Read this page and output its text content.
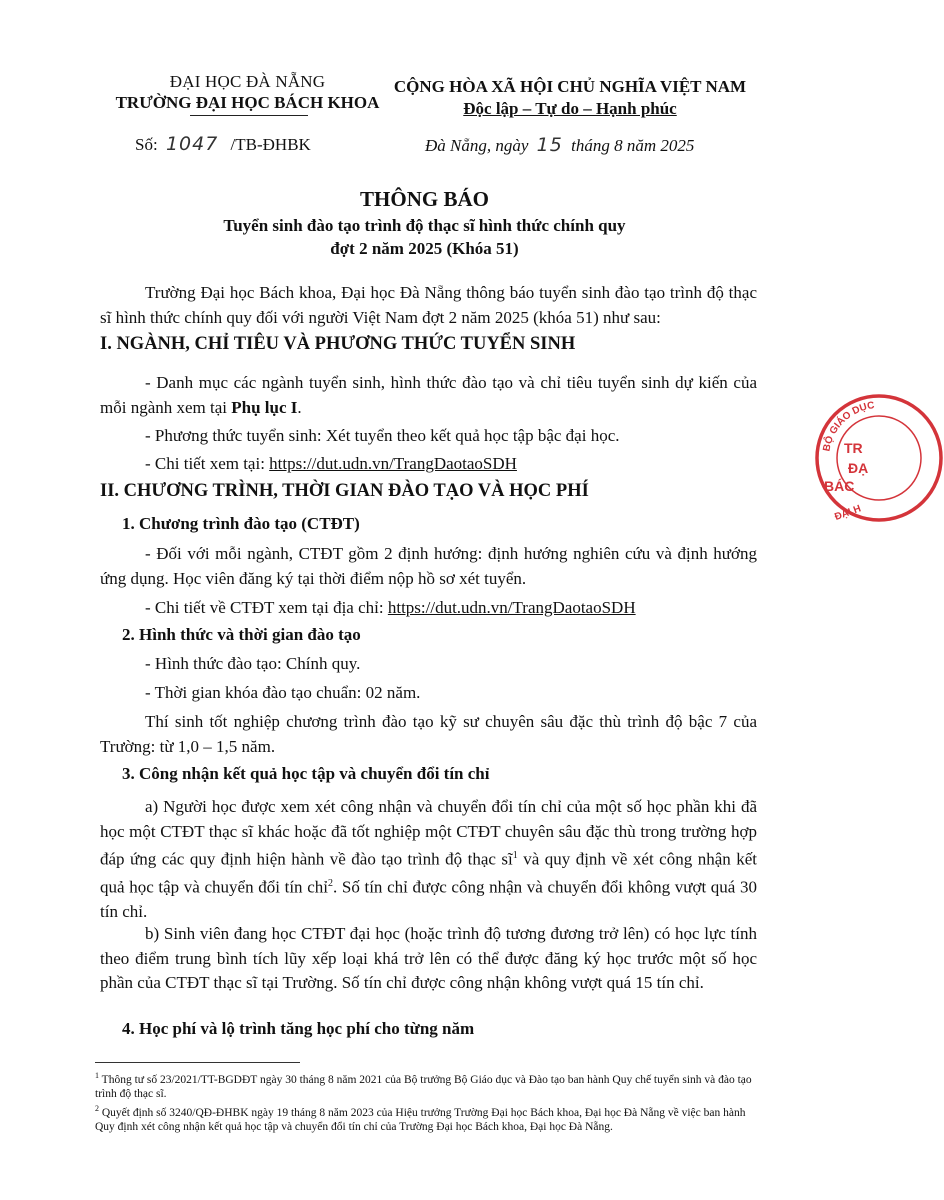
ĐẠI HỌC ĐÀ NẴNG
TRƯỜNG ĐẠI HỌC BÁCH KHOA
CỘNG HÒA XÃ HỘI CHỦ NGHĨA VIỆT NAM
Độc lập – Tự do – Hạnh phúc
Số: 1047 /TB-ĐHBK	Đà Nẵng, ngày 15 tháng 8 năm 2025
THÔNG BÁO
Tuyển sinh đào tạo trình độ thạc sĩ hình thức chính quy
đợt 2 năm 2025 (Khóa 51)
Trường Đại học Bách khoa, Đại học Đà Nẵng thông báo tuyển sinh đào tạo trình độ thạc sĩ hình thức chính quy đối với người Việt Nam đợt 2 năm 2025 (khóa 51) như sau:
I. NGÀNH, CHỈ TIÊU VÀ PHƯƠNG THỨC TUYỂN SINH
- Danh mục các ngành tuyển sinh, hình thức đào tạo và chỉ tiêu tuyển sinh dự kiến của mỗi ngành xem tại Phụ lục I.
- Phương thức tuyển sinh: Xét tuyển theo kết quả học tập bậc đại học.
- Chi tiết xem tại: https://dut.udn.vn/TrangDaotaoSDH
II. CHƯƠNG TRÌNH, THỜI GIAN ĐÀO TẠO VÀ HỌC PHÍ
1. Chương trình đào tạo (CTĐT)
- Đối với mỗi ngành, CTĐT gồm 2 định hướng: định hướng nghiên cứu và định hướng ứng dụng. Học viên đăng ký tại thời điểm nộp hồ sơ xét tuyển.
- Chi tiết về CTĐT xem tại địa chỉ: https://dut.udn.vn/TrangDaotaoSDH
2. Hình thức và thời gian đào tạo
- Hình thức đào tạo: Chính quy.
- Thời gian khóa đào tạo chuẩn: 02 năm.
Thí sinh tốt nghiệp chương trình đào tạo kỹ sư chuyên sâu đặc thù trình độ bậc 7 của Trường: từ 1,0 – 1,5 năm.
3. Công nhận kết quả học tập và chuyển đổi tín chỉ
a) Người học được xem xét công nhận và chuyển đổi tín chỉ của một số học phần khi đã học một CTĐT thạc sĩ khác hoặc đã tốt nghiệp một CTĐT chuyên sâu đặc thù trong trường hợp đáp ứng các quy định hiện hành về đào tạo trình độ thạc $sĩ^1$ và quy định về xét công nhận kết quả học tập và chuyển đổi tín chỉ$^2$. Số tín chỉ được công nhận và chuyển đổi không vượt quá 30 tín chỉ.
b) Sinh viên đang học CTĐT đại học (hoặc trình độ tương đương trở lên) có học lực tính theo điểm trung bình tích lũy xếp loại khá trở lên có thể được đăng ký học trước một số học phần của CTĐT thạc sĩ tại Trường. Số tín chỉ được công nhận không vượt quá 15 tín chỉ.
4. Học phí và lộ trình tăng học phí cho từng năm
$^1$ Thông tư số 23/2021/TT-BGDĐT ngày 30 tháng 8 năm 2021 của Bộ trưởng Bộ Giáo dục và Đào tạo ban hành Quy chế tuyển sinh và đào tạo trình độ thạc sĩ.
$^2$ Quyết định số 3240/QĐ-ĐHBK ngày 19 tháng 8 năm 2023 của Hiệu trưởng Trường Đại học Bách khoa, Đại học Đà Nẵng về việc ban hành Quy định xét công nhận kết quả học tập và chuyển đổi tín chỉ của Trường Đại học Bách khoa, Đại học Đà Nẵng.
BỘ GIÁO DỤC
TR
ĐẠ
BÁC
ĐẠI H
